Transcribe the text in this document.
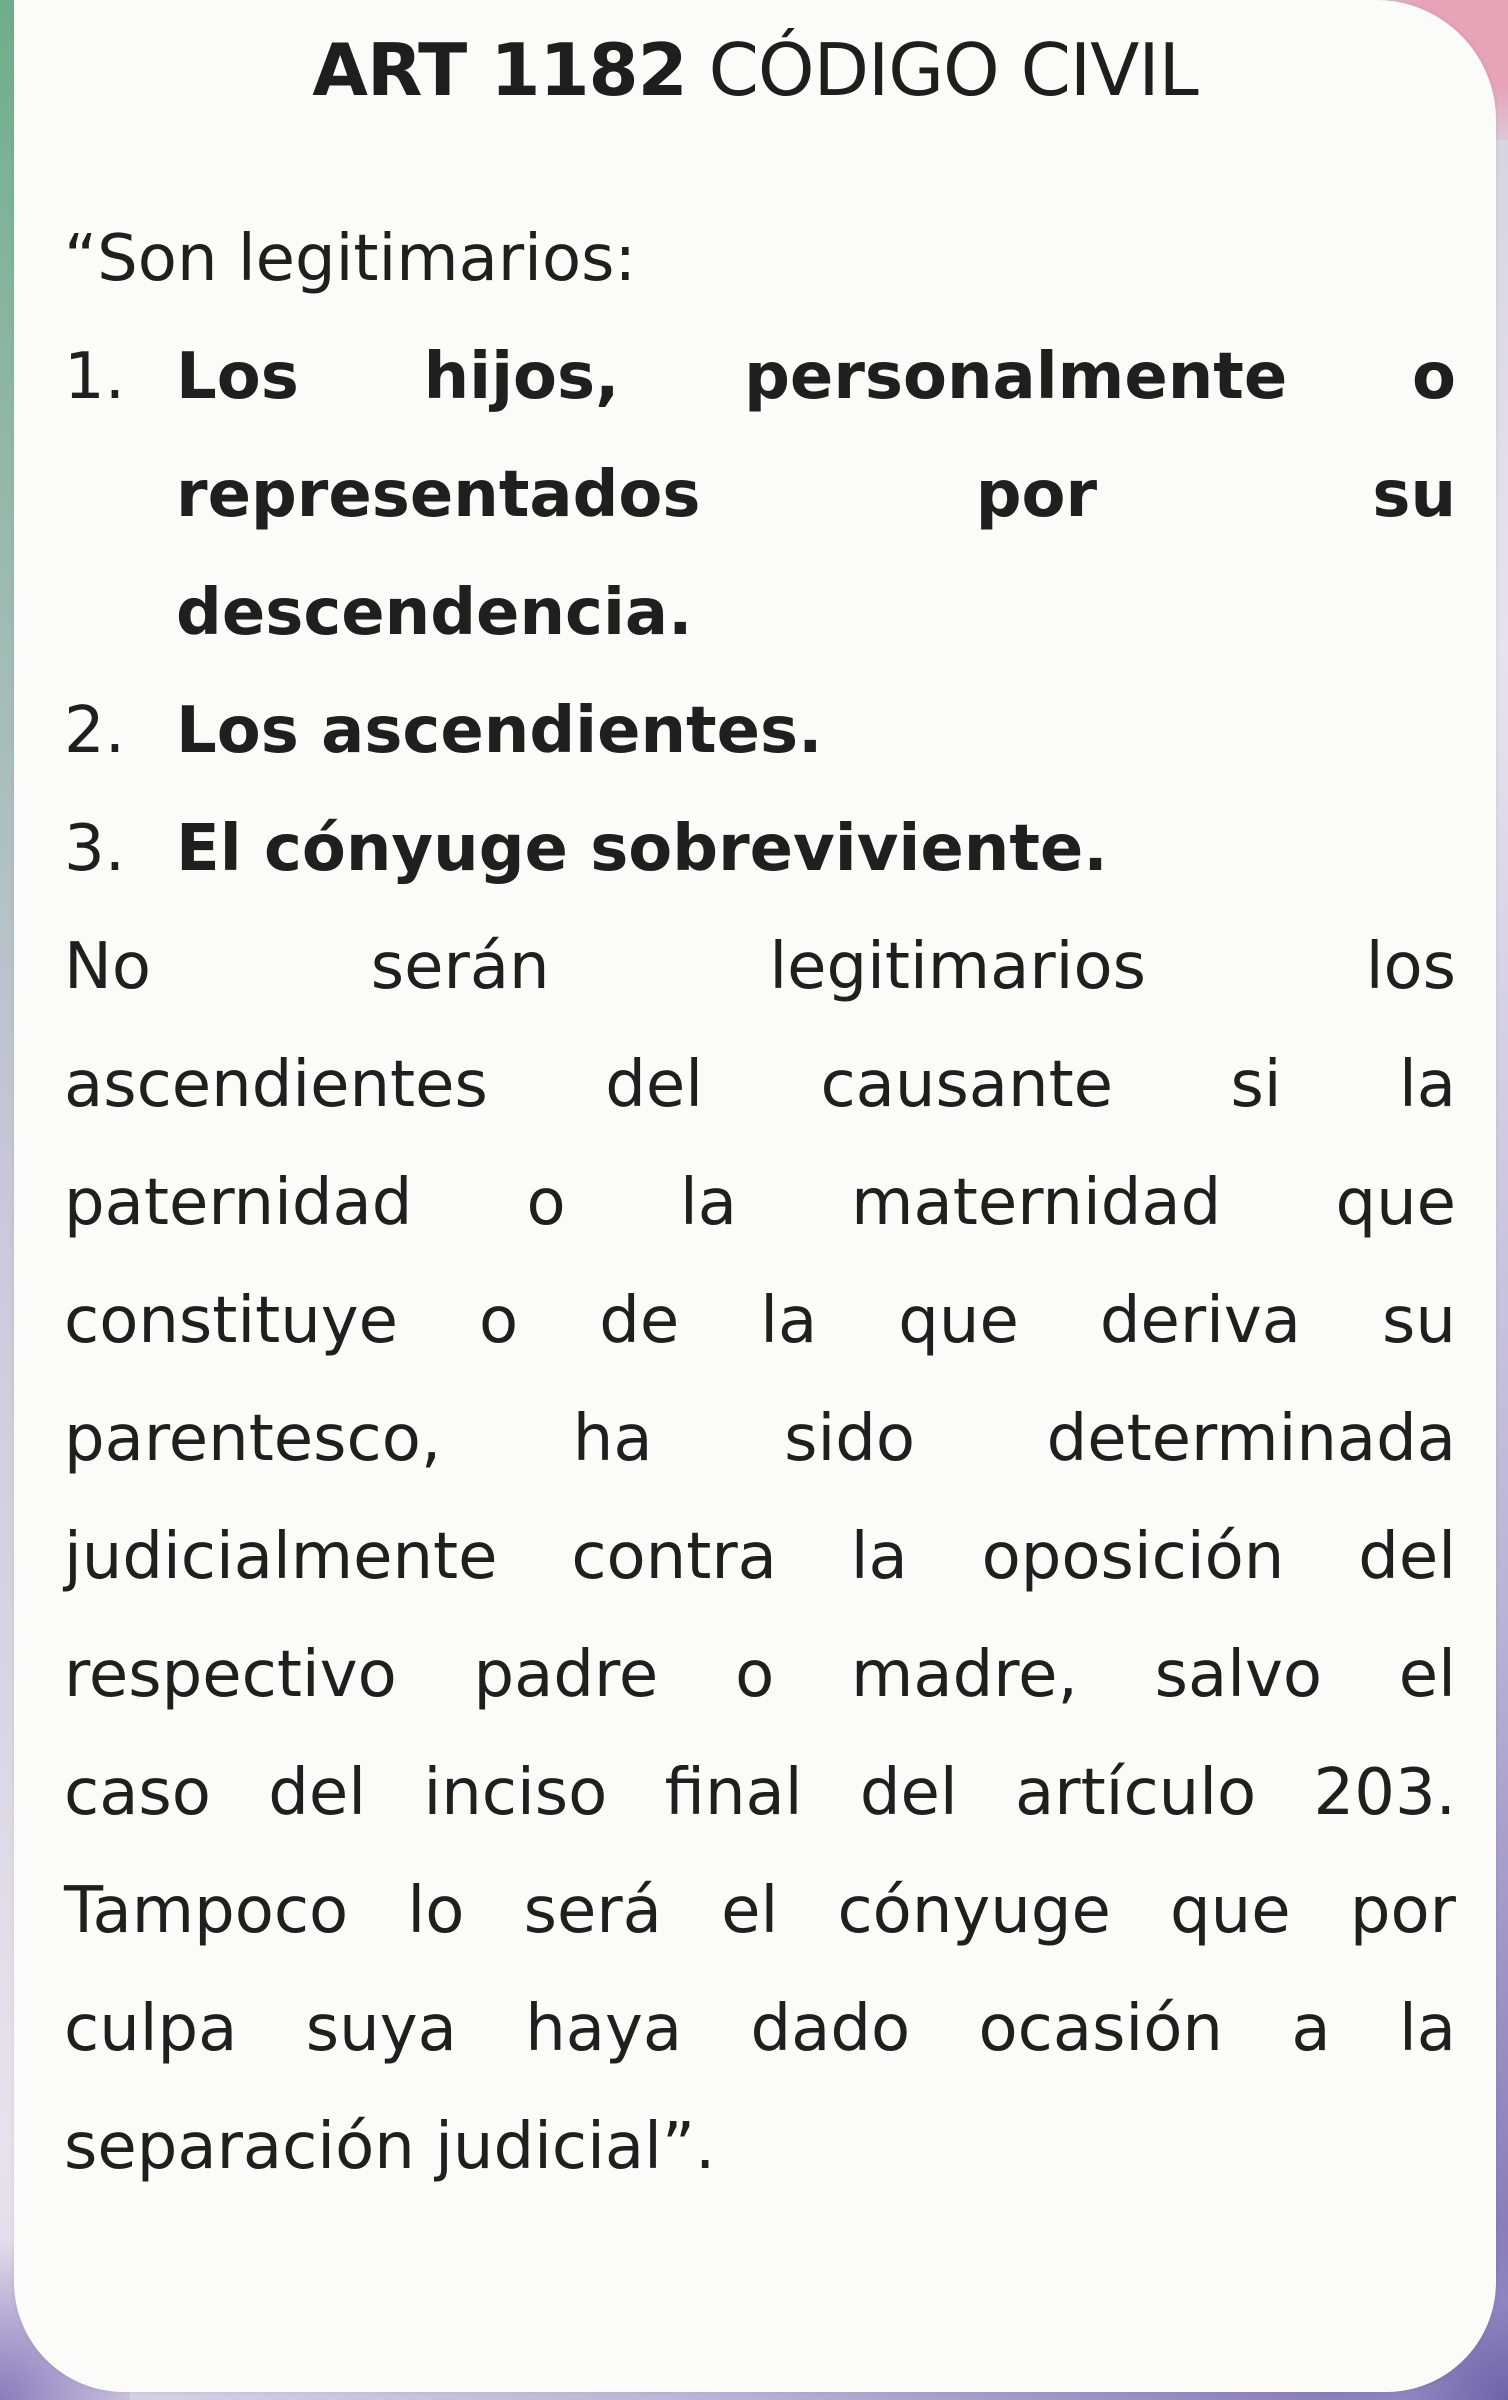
ART 1182 CÓDIGO CIVIL
“Son legitimarios:
1. Los hijos, personalmente o
representados	por	su
descendencia.
2. Los ascendientes.
3. El cónyuge sobreviviente.
No	serán	legitimarios	los
ascendientes del causante si la
paternidad o la maternidad que
constituye o de la que deriva su
parentesco, ha sido determinada
judicialmente contra la oposición del
respectivo padre o madre, salvo el
caso del inciso final del artículo 203.
Tampoco lo será el cónyuge que por
culpa suya haya dado ocasión a la
separación judicial”.
